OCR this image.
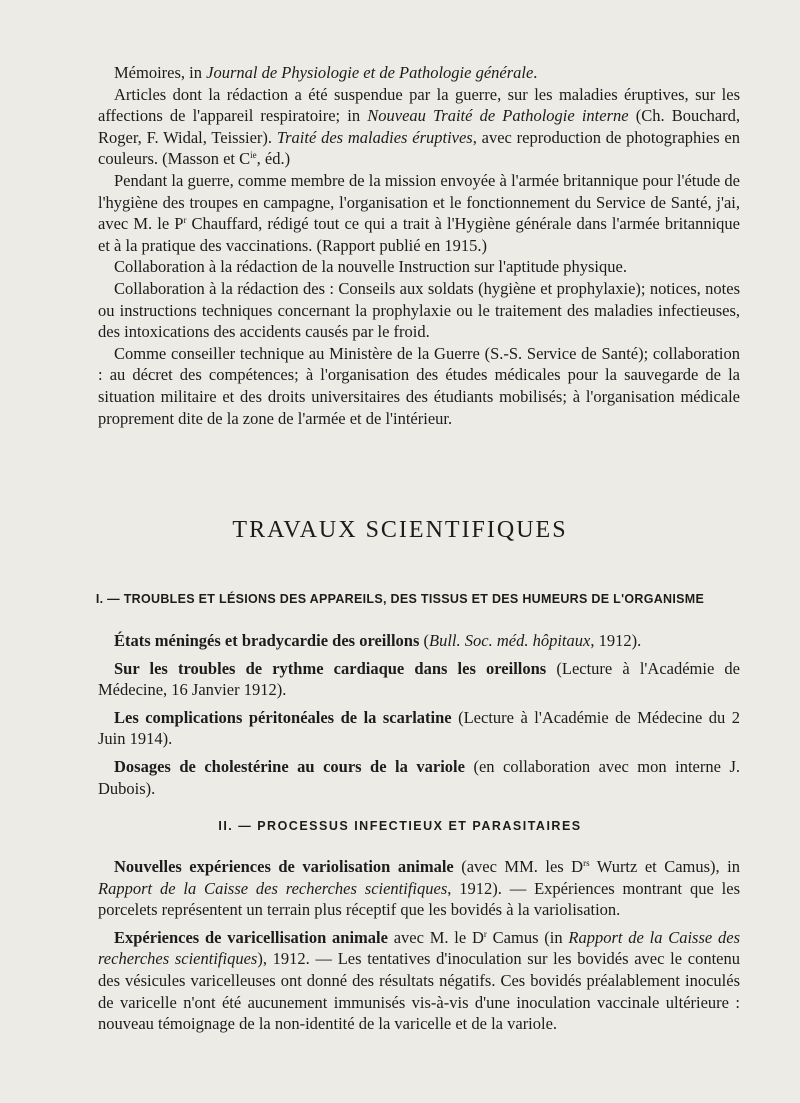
Mémoires, in Journal de Physiologie et de Pathologie générale.

Articles dont la rédaction a été suspendue par la guerre, sur les maladies éruptives, sur les affections de l'appareil respiratoire; in Nouveau Traité de Pathologie interne (Ch. Bouchard, Roger, F. Widal, Teissier). Traité des maladies éruptives, avec reproduction de photographies en couleurs. (Masson et $C^{ie}$, éd.)

Pendant la guerre, comme membre de la mission envoyée à l'armée britannique pour l'étude de l'hygiène des troupes en campagne, l'organisation et le fonctionnement du Service de Santé, j'ai, avec M. le $P^r$ Chauffard, rédigé tout ce qui a trait à l'Hygiène générale dans l'armée britannique et à la pratique des vaccinations. (Rapport publié en 1915.)

Collaboration à la rédaction de la nouvelle Instruction sur l'aptitude physique.

Collaboration à la rédaction des : Conseils aux soldats (hygiène et prophylaxie); notices, notes ou instructions techniques concernant la prophylaxie ou le traitement des maladies infectieuses, des intoxications des accidents causés par le froid.

Comme conseiller technique au Ministère de la Guerre (S.-S. Service de Santé); collaboration : au décret des compétences; à l'organisation des études médicales pour la sauvegarde de la situation militaire et des droits universitaires des étudiants mobilisés; à l'organisation médicale proprement dite de la zone de l'armée et de l'intérieur.

TRAVAUX SCIENTIFIQUES
I. — TROUBLES ET LÉSIONS DES APPAREILS, DES TISSUS ET DES HUMEURS DE L'ORGANISME

États méningés et bradycardie des oreillons (Bull. Soc. méd. hôpitaux, 1912).

Sur les troubles de rythme cardiaque dans les oreillons (Lecture à l'Académie de Médecine, 16 Janvier 1912).

Les complications péritonéales de la scarlatine (Lecture à l'Académie de Médecine du 2 Juin 1914).

Dosages de cholestérine au cours de la variole (en collaboration avec mon interne J. Dubois).

II. — PROCESSUS INFECTIEUX ET PARASITAIRES

Nouvelles expériences de variolisation animale (avec MM. les $D^{rs}$ Wurtz et Camus), in Rapport de la Caisse des recherches scientifiques, 1912). — Expériences montrant que les porcelets représentent un terrain plus réceptif que les bovidés à la variolisation.

Expériences de varicellisation animale avec M. le $D^r$ Camus (in Rapport de la Caisse des recherches scientifiques), 1912. — Les tentatives d'inoculation sur les bovidés avec le contenu des vésicules varicelleuses ont donné des résultats négatifs. Ces bovidés préalablement inoculés de varicelle n'ont été aucunement immunisés vis-à-vis d'une inoculation vaccinale ultérieure : nouveau témoignage de la non-identité de la varicelle et de la variole.
